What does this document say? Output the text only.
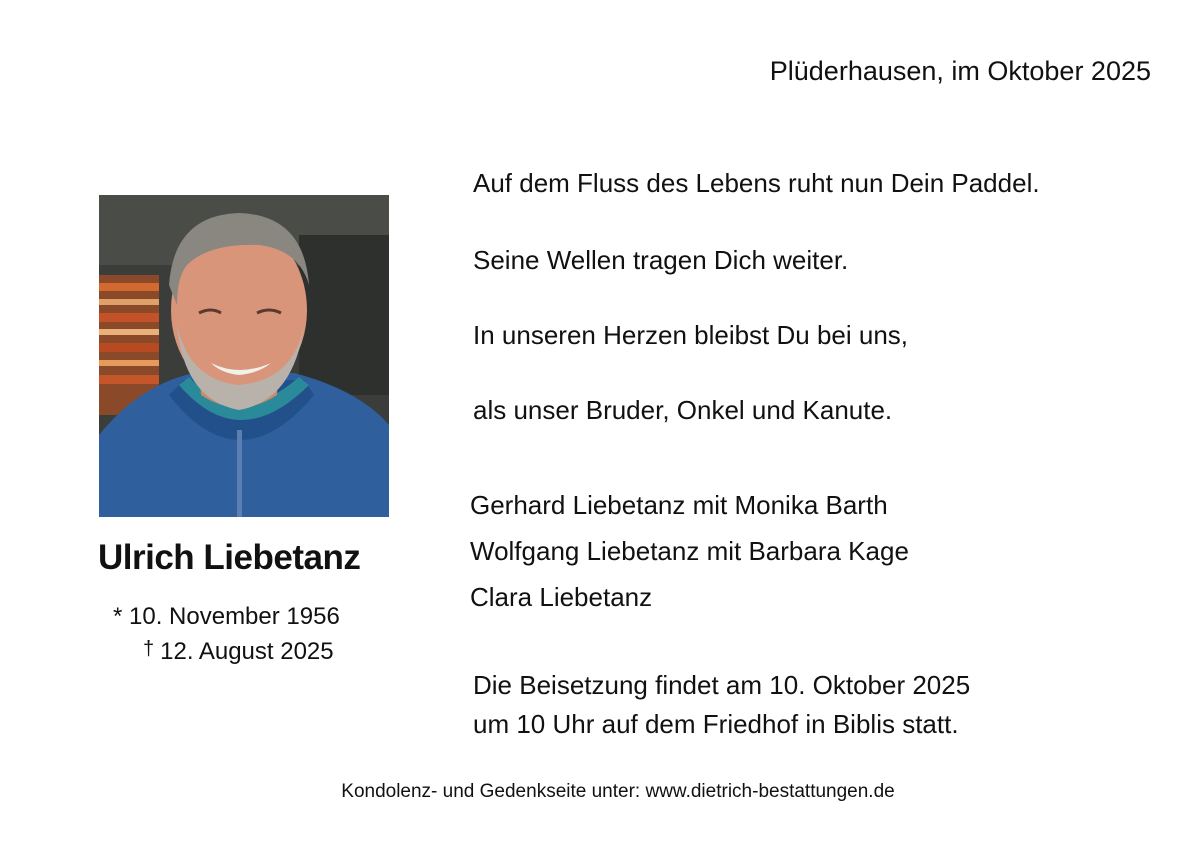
Plüderhausen, im Oktober 2025
Ulrich Liebetanz
* 10. November 1956
† 12. August 2025
Auf dem Fluss des Lebens ruht nun Dein Paddel.
Seine Wellen tragen Dich weiter.
In unseren Herzen bleibst Du bei uns,
als unser Bruder, Onkel und Kanute.
Gerhard Liebetanz mit Monika Barth
Wolfgang Liebetanz mit Barbara Kage
Clara Liebetanz
Die Beisetzung findet am 10. Oktober 2025
um 10 Uhr auf dem Friedhof in Biblis statt.
Kondolenz- und Gedenkseite unter: www.dietrich-bestattungen.de
